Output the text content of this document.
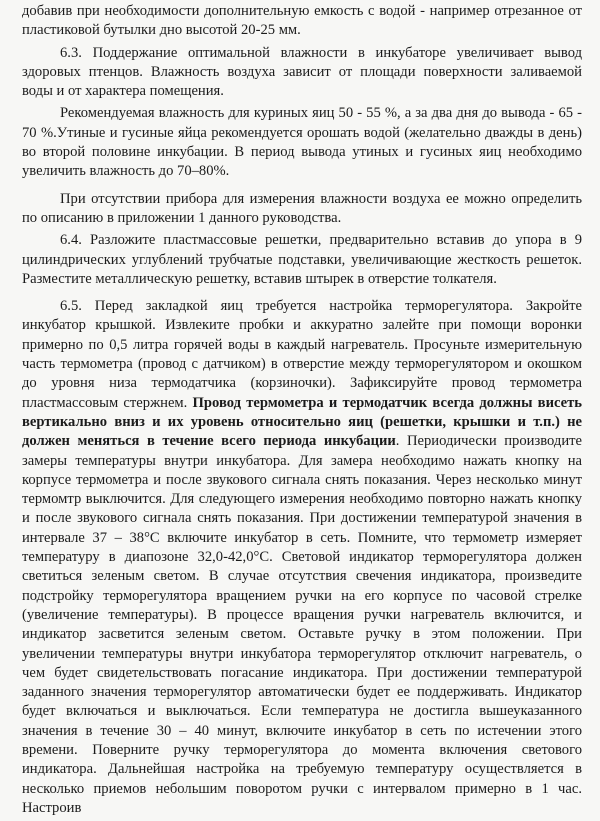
добавив при необходимости дополнительную емкость с водой - например отрезанное от пластиковой бутылки дно высотой 20-25 мм.

6.3. Поддержание оптимальной влажности в инкубаторе увеличивает вывод здоровых птенцов. Влажность воздуха зависит от площади поверхности заливаемой воды и от характера помещения.

Рекомендуемая влажность для куриных яиц 50 - 55 %, а за два дня до вывода - 65 - 70 %.Утиные и гусиные яйца рекомендуется орошать водой (желательно дважды в день) во второй половине инкубации. В период вывода утиных и гусиных яиц необходимо увеличить влажность до 70–80%.

При отсутствии прибора для измерения влажности воздуха ее можно определить по описанию в приложении 1 данного руководства.

6.4. Разложите пластмассовые решетки, предварительно вставив до упора в 9 цилиндрических углублений трубчатые подставки, увеличивающие жесткость решеток. Разместите металлическую решетку, вставив штырек в отверстие толкателя.

6.5. Перед закладкой яиц требуется настройка терморегулятора. Закройте инкубатор крышкой. Извлеките пробки и аккуратно залейте при помощи воронки примерно по 0,5 литра горячей воды в каждый нагреватель. Просуньте измерительную часть термометра (провод с датчиком) в отверстие между терморегулятором и окошком до уровня низа термодатчика (корзиночки). Зафиксируйте провод термометра пластмассовым стержнем. Провод термометра и термодатчик всегда должны висеть вертикально вниз и их уровень относительно яиц (решетки, крышки и т.п.) не должен меняться в течение всего периода инкубации. Периодически производите замеры температуры внутри инкубатора. Для замера необходимо нажать кнопку на корпусе термометра и после звукового сигнала снять показания. Через несколько минут термомтр выключится. Для следующего измерения необходимо повторно нажать кнопку и после звукового сигнала снять показания. При достижении температурой значения в интервале 37 – 38°С включите инкубатор в сеть. Помните, что термометр измеряет температуру в диапозоне 32,0-42,0°С. Световой индикатор терморегулятора должен светиться зеленым светом. В случае отсутствия свечения индикатора, произведите подстройку терморегулятора вращением ручки на его корпусе по часовой стрелке (увеличение температуры). В процессе вращения ручки нагреватель включится, и индикатор засветится зеленым светом. Оставьте ручку в этом положении. При увеличении температуры внутри инкубатора терморегулятор отключит нагреватель, о чем будет свидетельствовать погасание индикатора. При достижении температурой заданного значения терморегулятор автоматически будет ее поддерживать. Индикатор будет включаться и выключаться. Если температура не достигла вышеуказанного значения в течение 30 – 40 минут, включите инкубатор в сеть по истечении этого времени. Поверните ручку терморегулятора до момента включения светового индикатора. Дальнейшая настройка на требуемую температуру осуществляется в несколько приемов небольшим поворотом ручки с интервалом примерно в 1 час. Настроив
